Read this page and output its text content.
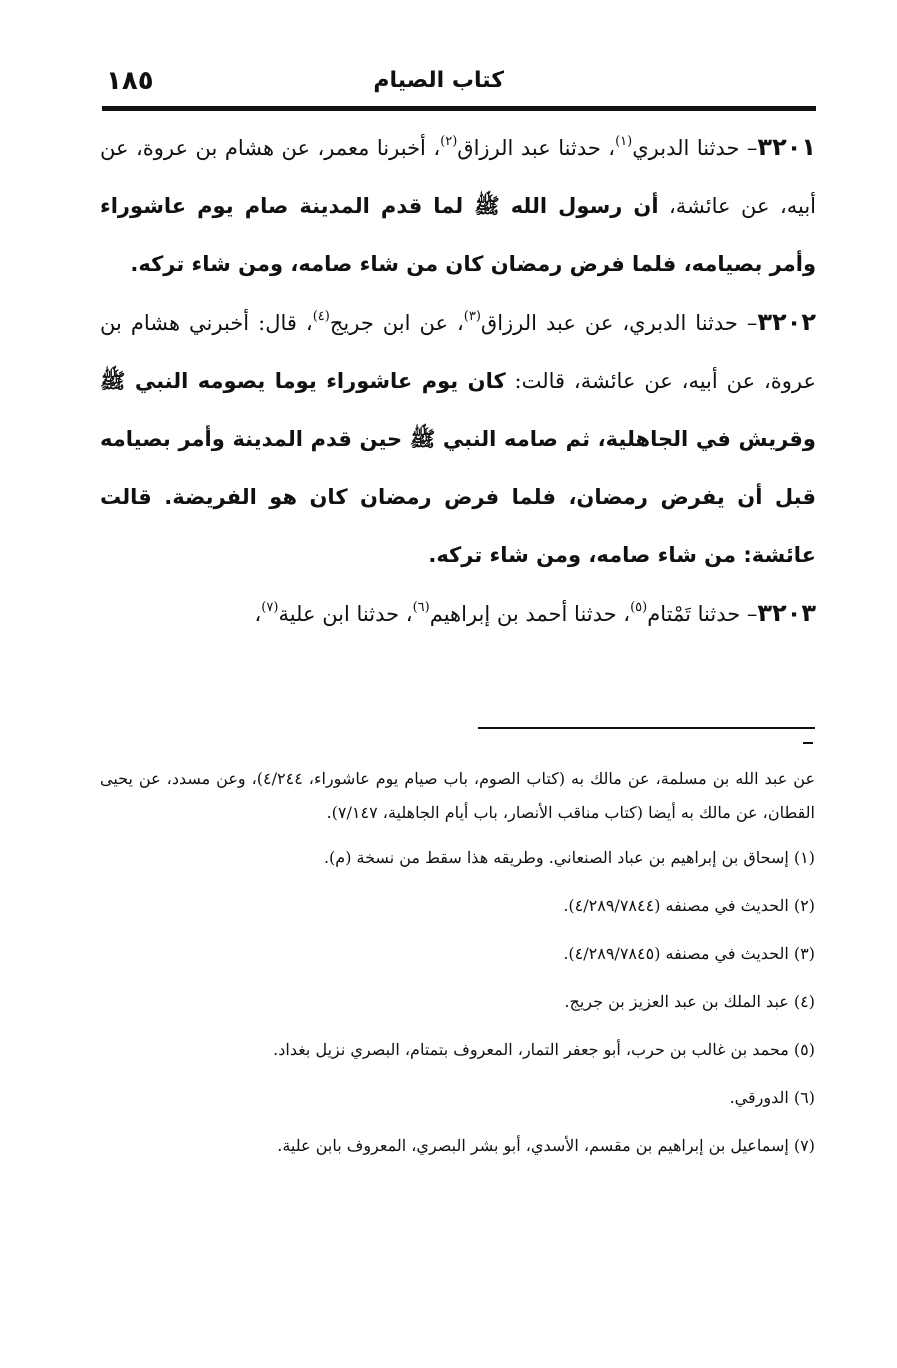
كتاب الصيام
١٨٥

٣٢٠١– حدثنا الدبري$^{(١)}$، حدثنا عبد الرزاق$^{(٢)}$، أخبرنا معمر، عن هشام بن عروة، عن أبيه، عن عائشة، أن رسول الله ﷺ لما قدم المدينة صام يوم عاشوراء وأمر بصيامه، فلما فرض رمضان كان من شاء صامه، ومن شاء تركه.

٣٢٠٢– حدثنا الدبري، عن عبد الرزاق$^{(٣)}$، عن ابن جريج$^{(٤)}$، قال: أخبرني هشام بن عروة، عن أبيه، عن عائشة، قالت: كان يوم عاشوراء يوما يصومه النبي ﷺ وقريش في الجاهلية، ثم صامه النبي ﷺ حين قدم المدينة وأمر بصيامه قبل أن يفرض رمضان، فلما فرض رمضان كان هو الفريضة. قالت عائشة: من شاء صامه، ومن شاء تركه.

٣٢٠٣– حدثنا تَمْتام$^{(٥)}$، حدثنا أحمد بن إبراهيم$^{(٦)}$، حدثنا ابن علية$^{(٧)}$،

عن عبد الله بن مسلمة، عن مالك به (كتاب الصوم، باب صيام يوم عاشوراء، ٤/٢٤٤)، وعن مسدد، عن يحيى القطان، عن مالك به أيضا (كتاب مناقب الأنصار، باب أيام الجاهلية، ٧/١٤٧).

(١) إسحاق بن إبراهيم بن عباد الصنعاني. وطريقه هذا سقط من نسخة (م).
(٢) الحديث في مصنفه (٤/٢٨٩/٧٨٤٤).
(٣) الحديث في مصنفه (٤/٢٨٩/٧٨٤٥).
(٤) عبد الملك بن عبد العزيز بن جريج.
(٥) محمد بن غالب بن حرب، أبو جعفر التمار، المعروف بتمتام، البصري نزيل بغداد.
(٦) الدورقي.
(٧) إسماعيل بن إبراهيم بن مقسم، الأسدي، أبو بشر البصري، المعروف بابن علية.
